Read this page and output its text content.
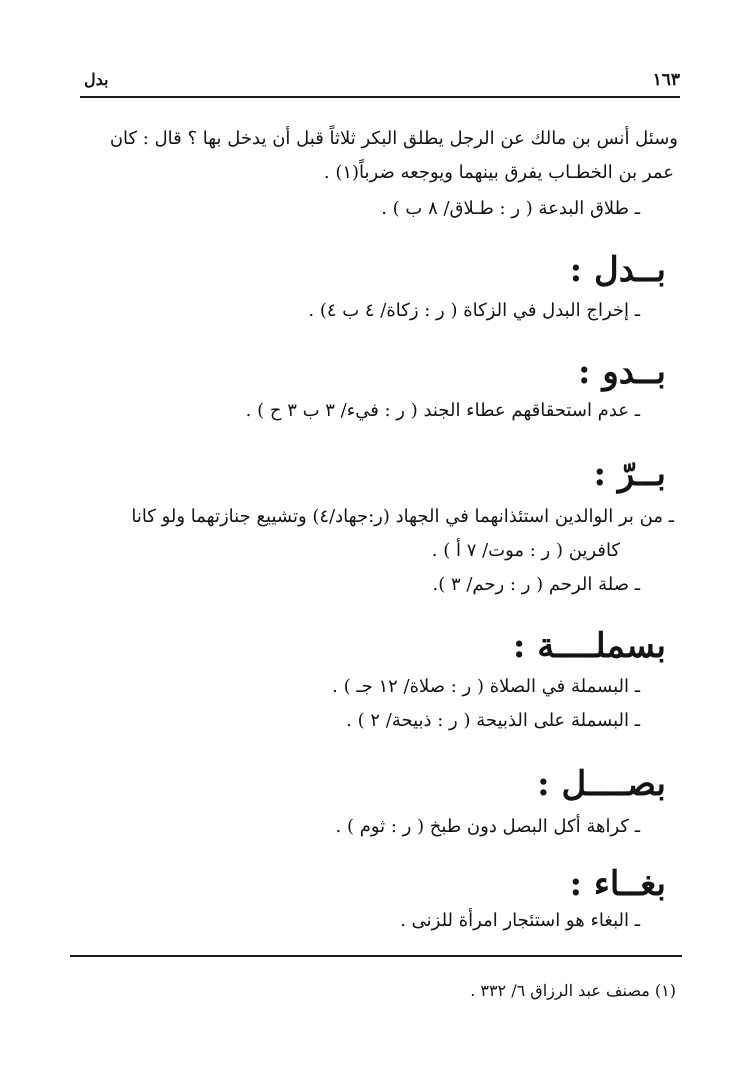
١٦٣
بدل
وسئل أنس بن مالك عن الرجل يطلق البكر ثلاثاً قبل أن يدخل بها ؟ قال : كان
عمر بن الخطـاب يفرق بينهما ويوجعه ضرباً(١) .
ـ طلاق البدعة ( ر : طـلاق/ ٨ ب ) .
بــدل :
ـ إخراج البدل في الزكاة ( ر : زكاة/ ٤ ب ٤) .
بــدو :
ـ عدم استحقاقهم عطاء الجند ( ر : فيء/ ٣ ب ٣ ح ) .
بــرّ :
ـ من بر الوالدين استئذانهما في الجهاد (ر:جهاد/٤) وتشييع جنازتهما ولو كانا
كافرين ( ر : موت/ ٧ أ ) .
ـ صلة الرحم ( ر : رحم/ ٣ ).
بسملــــة :
ـ البسملة في الصلاة ( ر : صلاة/ ١٢ جـ ) .
ـ البسملة على الذبيحة ( ر : ذبيحة/ ٢ ) .
بصــــل :
ـ كراهة أكل البصل دون طبخ ( ر : ثوم ) .
بغــاء :
ـ البغاء هو استئجار امرأة للزنى .
(١) مصنف عبد الرزاق ٦/ ٣٣٢ .
